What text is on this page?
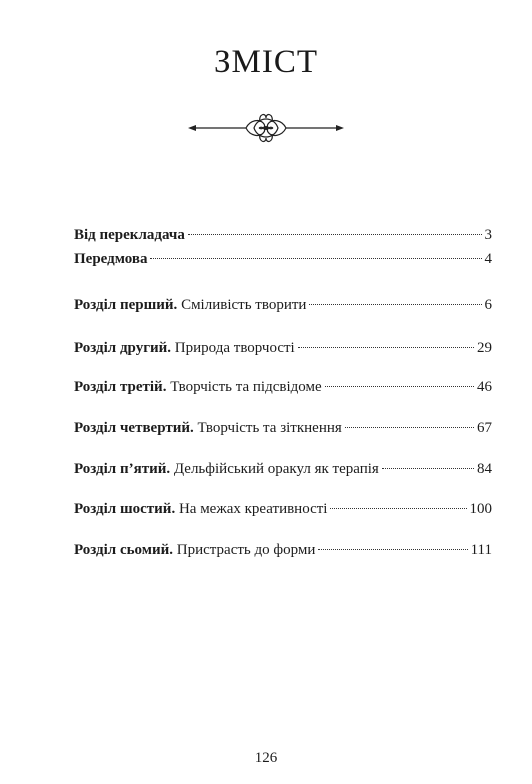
ЗМІСТ
Від перекладача	3
Передмова	4
Розділ перший. Сміливість творити	6
Розділ другий. Природа творчості	29
Розділ третій. Творчість та підсвідоме	46
Розділ четвертий. Творчість та зіткнення	67
Розділ п’ятий. Дельфійський оракул як терапія	84
Розділ шостий. На межах креативності	100
Розділ сьомий. Пристрасть до форми	111
126
